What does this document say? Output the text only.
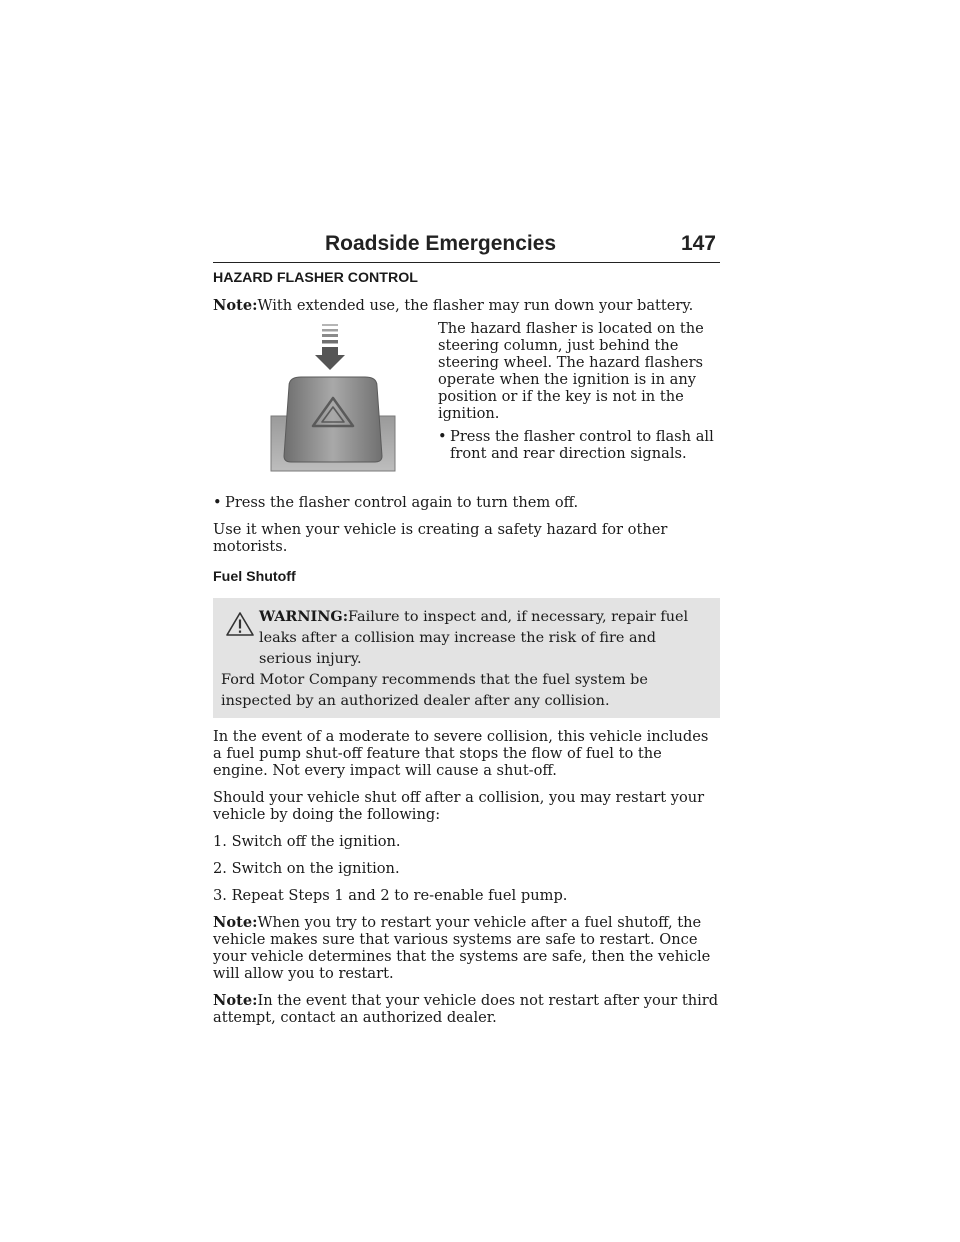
Roadside Emergencies	147
HAZARD FLASHER CONTROL

Note:With extended use, the flasher may run down your battery.

The hazard flasher is located on the steering column, just behind the steering wheel. The hazard flashers operate when the ignition is in any position or if the key is not in the ignition.

• Press the flasher control to flash all front and rear direction signals.
• Press the flasher control again to turn them off.

Use it when your vehicle is creating a safety hazard for other motorists.

Fuel Shutoff
WARNING:Failure to inspect and, if necessary, repair fuel leaks after a collision may increase the risk of fire and serious injury.
Ford Motor Company recommends that the fuel system be inspected by an authorized dealer after any collision.

In the event of a moderate to severe collision, this vehicle includes a fuel pump shut-off feature that stops the flow of fuel to the engine. Not every impact will cause a shut-off.

Should your vehicle shut off after a collision, you may restart your vehicle by doing the following:

1. Switch off the ignition.

2. Switch on the ignition.

3. Repeat Steps 1 and 2 to re-enable fuel pump.

Note:When you try to restart your vehicle after a fuel shutoff, the vehicle makes sure that various systems are safe to restart. Once your vehicle determines that the systems are safe, then the vehicle will allow you to restart.

Note:In the event that your vehicle does not restart after your third attempt, contact an authorized dealer.
